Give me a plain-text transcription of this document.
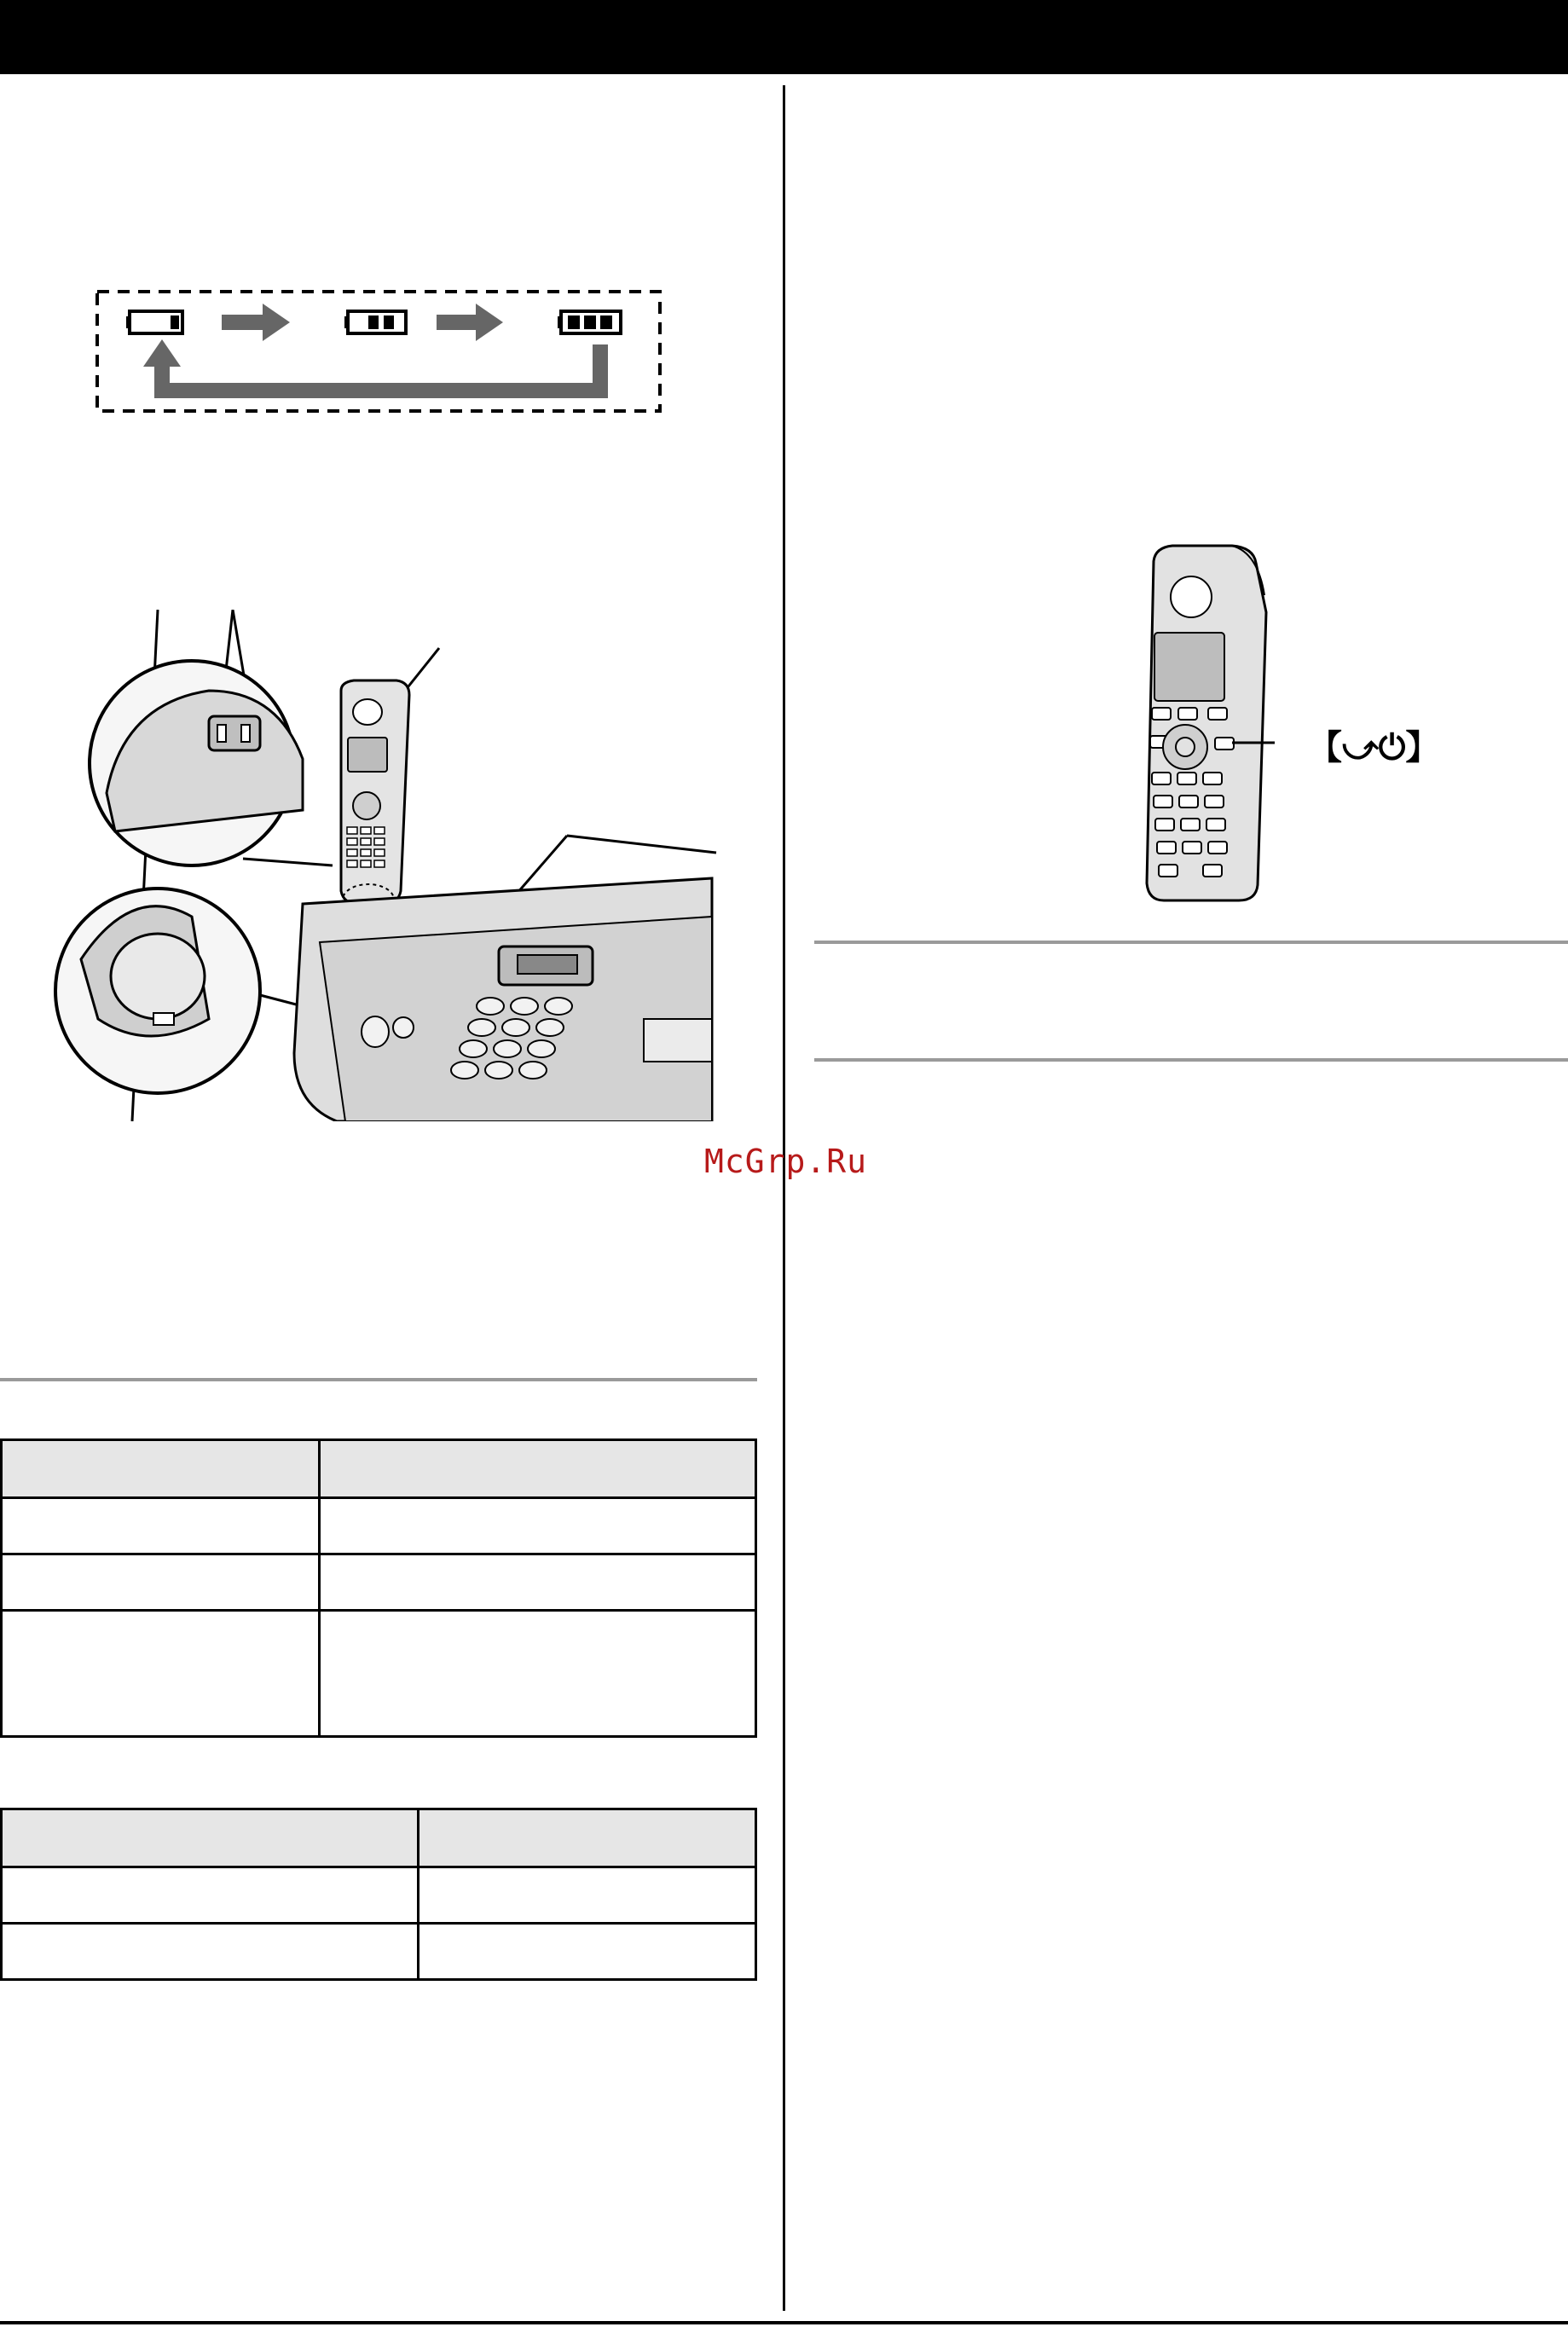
【⤻⏻】
McGrp.Ru
